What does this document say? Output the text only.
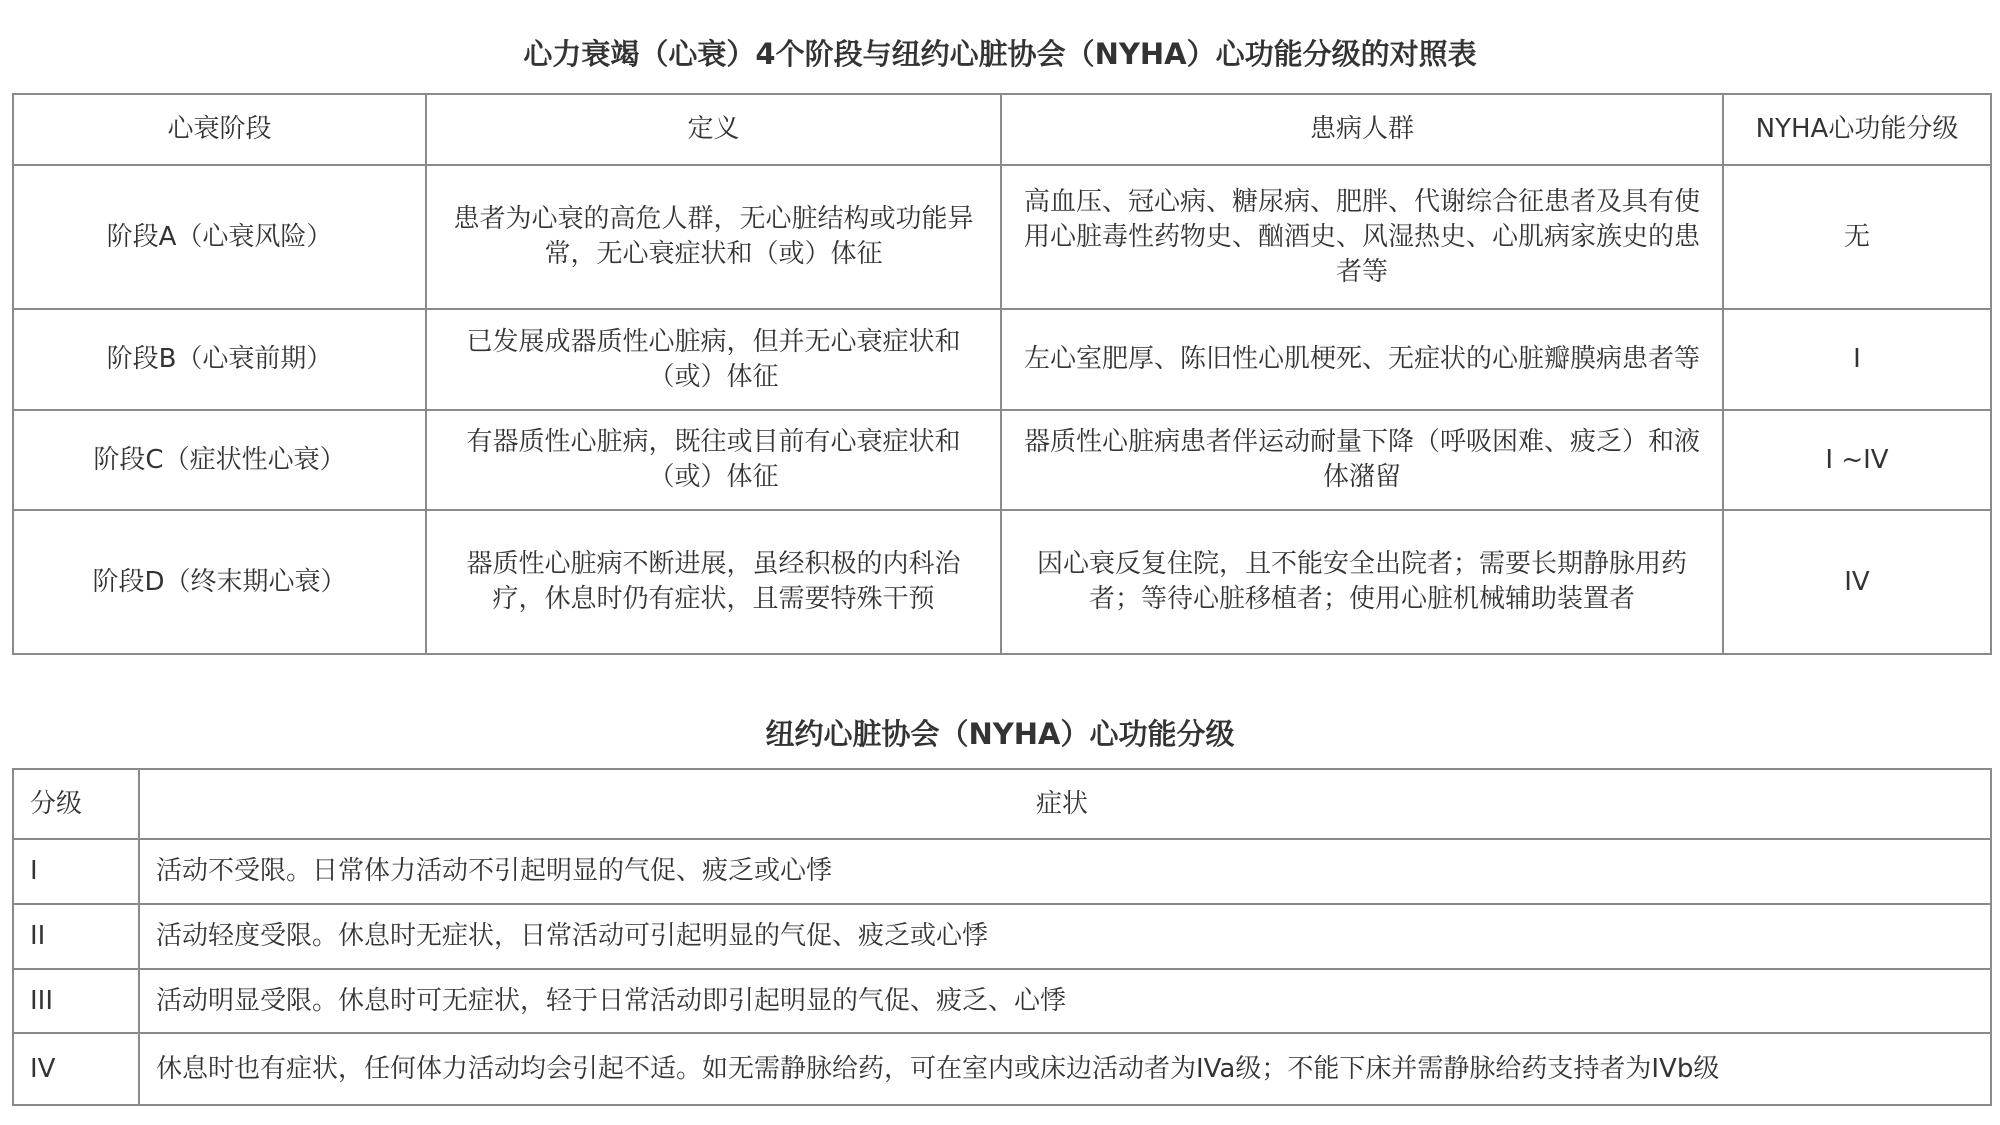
心力衰竭（心衰）4个阶段与纽约心脏协会（NYHA）心功能分级的对照表
心衰阶段	定义	患病人群	NYHA心功能分级
阶段A（心衰风险）	患者为心衰的高危人群，无心脏结构或功能异常，无心衰症状和（或）体征	高血压、冠心病、糖尿病、肥胖、代谢综合征患者及具有使用心脏毒性药物史、酗酒史、风湿热史、心肌病家族史的患者等	无
阶段B（心衰前期）	已发展成器质性心脏病，但并无心衰症状和（或）体征	左心室肥厚、陈旧性心肌梗死、无症状的心脏瓣膜病患者等	I
阶段C（症状性心衰）	有器质性心脏病，既往或目前有心衰症状和（或）体征	器质性心脏病患者伴运动耐量下降（呼吸困难、疲乏）和液体潴留	I ~IV
阶段D（终末期心衰）	器质性心脏病不断进展，虽经积极的内科治疗，休息时仍有症状，且需要特殊干预	因心衰反复住院，且不能安全出院者；需要长期静脉用药者；等待心脏移植者；使用心脏机械辅助装置者	IV
纽约心脏协会（NYHA）心功能分级
分级	症状
I	活动不受限。日常体力活动不引起明显的气促、疲乏或心悸
II	活动轻度受限。休息时无症状，日常活动可引起明显的气促、疲乏或心悸
III	活动明显受限。休息时可无症状，轻于日常活动即引起明显的气促、疲乏、心悸
IV	休息时也有症状，任何体力活动均会引起不适。如无需静脉给药，可在室内或床边活动者为IVa级；不能下床并需静脉给药支持者为IVb级
